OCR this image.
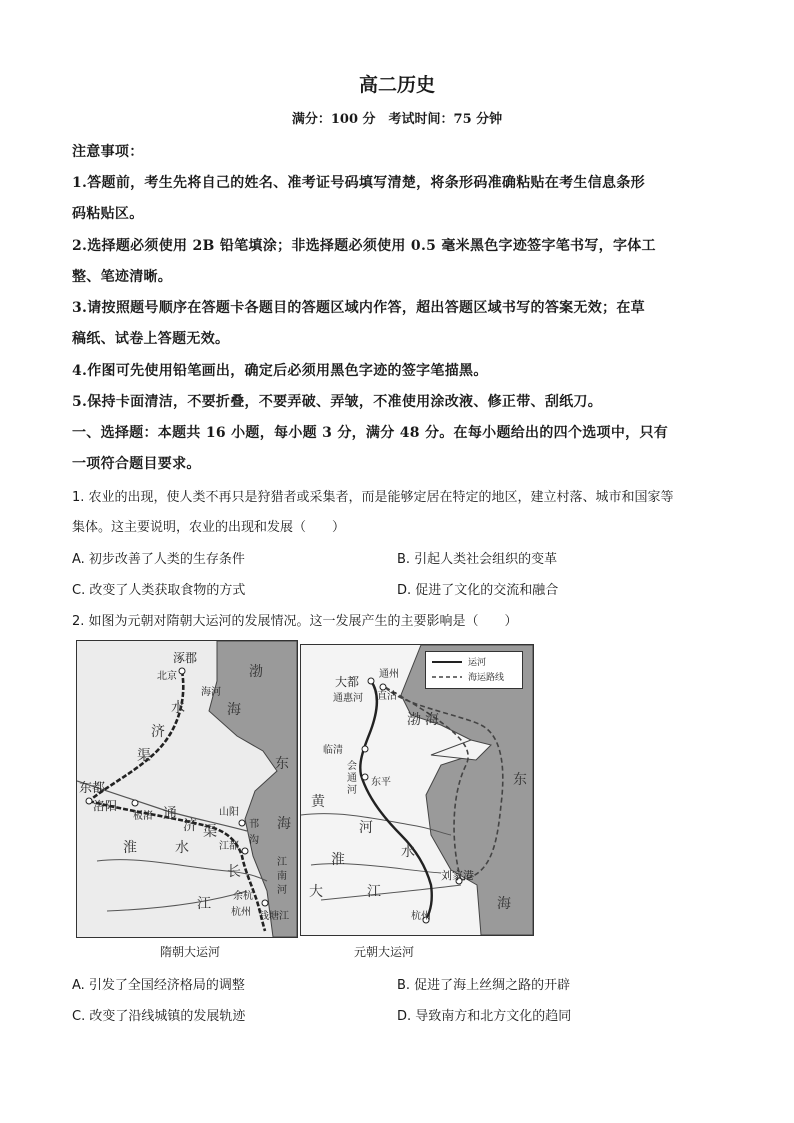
高二历史
满分：100 分　考试时间：75 分钟
注意事项：
1.答题前，考生先将自己的姓名、准考证号码填写清楚，将条形码准确粘贴在考生信息条形
码粘贴区。
2.选择题必须使用 2B 铅笔填涂；非选择题必须使用 0.5 毫米黑色字迹签字笔书写，字体工
整、笔迹清晰。
3.请按照题号顺序在答题卡各题目的答题区域内作答，超出答题区域书写的答案无效；在草
稿纸、试卷上答题无效。
4.作图可先使用铅笔画出，确定后必须用黑色字迹的签字笔描黑。
5.保持卡面清洁，不要折叠，不要弄破、弄皱，不准使用涂改液、修正带、刮纸刀。
一、选择题：本题共 16 小题，每小题 3 分，满分 48 分。在每小题给出的四个选项中，只有
一项符合题目要求。
1. 农业的出现，使人类不再只是狩猎者或采集者，而是能够定居在特定的地区，建立村落、城市和国家等
集体。这主要说明，农业的出现和发展（　　）
A. 初步改善了人类的生存条件	B. 引起人类社会组织的变革
C. 改变了人类获取食物的方式	D. 促进了文化的交流和融合
2. 如图为元朝对隋朝大运河的发展情况。这一发展产生的主要影响是（　　）
涿郡
北京
海河
渤
海
水
济
渠
东都
洛阳
板渚 通
济 渠
东
山阳
邗
沟
海
淮	水	江都
江
南
河
长
余杭
杭州 钱塘江
江
运河
海运路线
大都
通州
通惠河 直沽
渤 海
临清
会
通
河
东平
黄
河
东
淮	水
大	江
刘家港
杭州
海
隋朝大运河	元朝大运河
A. 引发了全国经济格局的调整	B. 促进了海上丝绸之路的开辟
C. 改变了沿线城镇的发展轨迹	D. 导致南方和北方文化的趋同
